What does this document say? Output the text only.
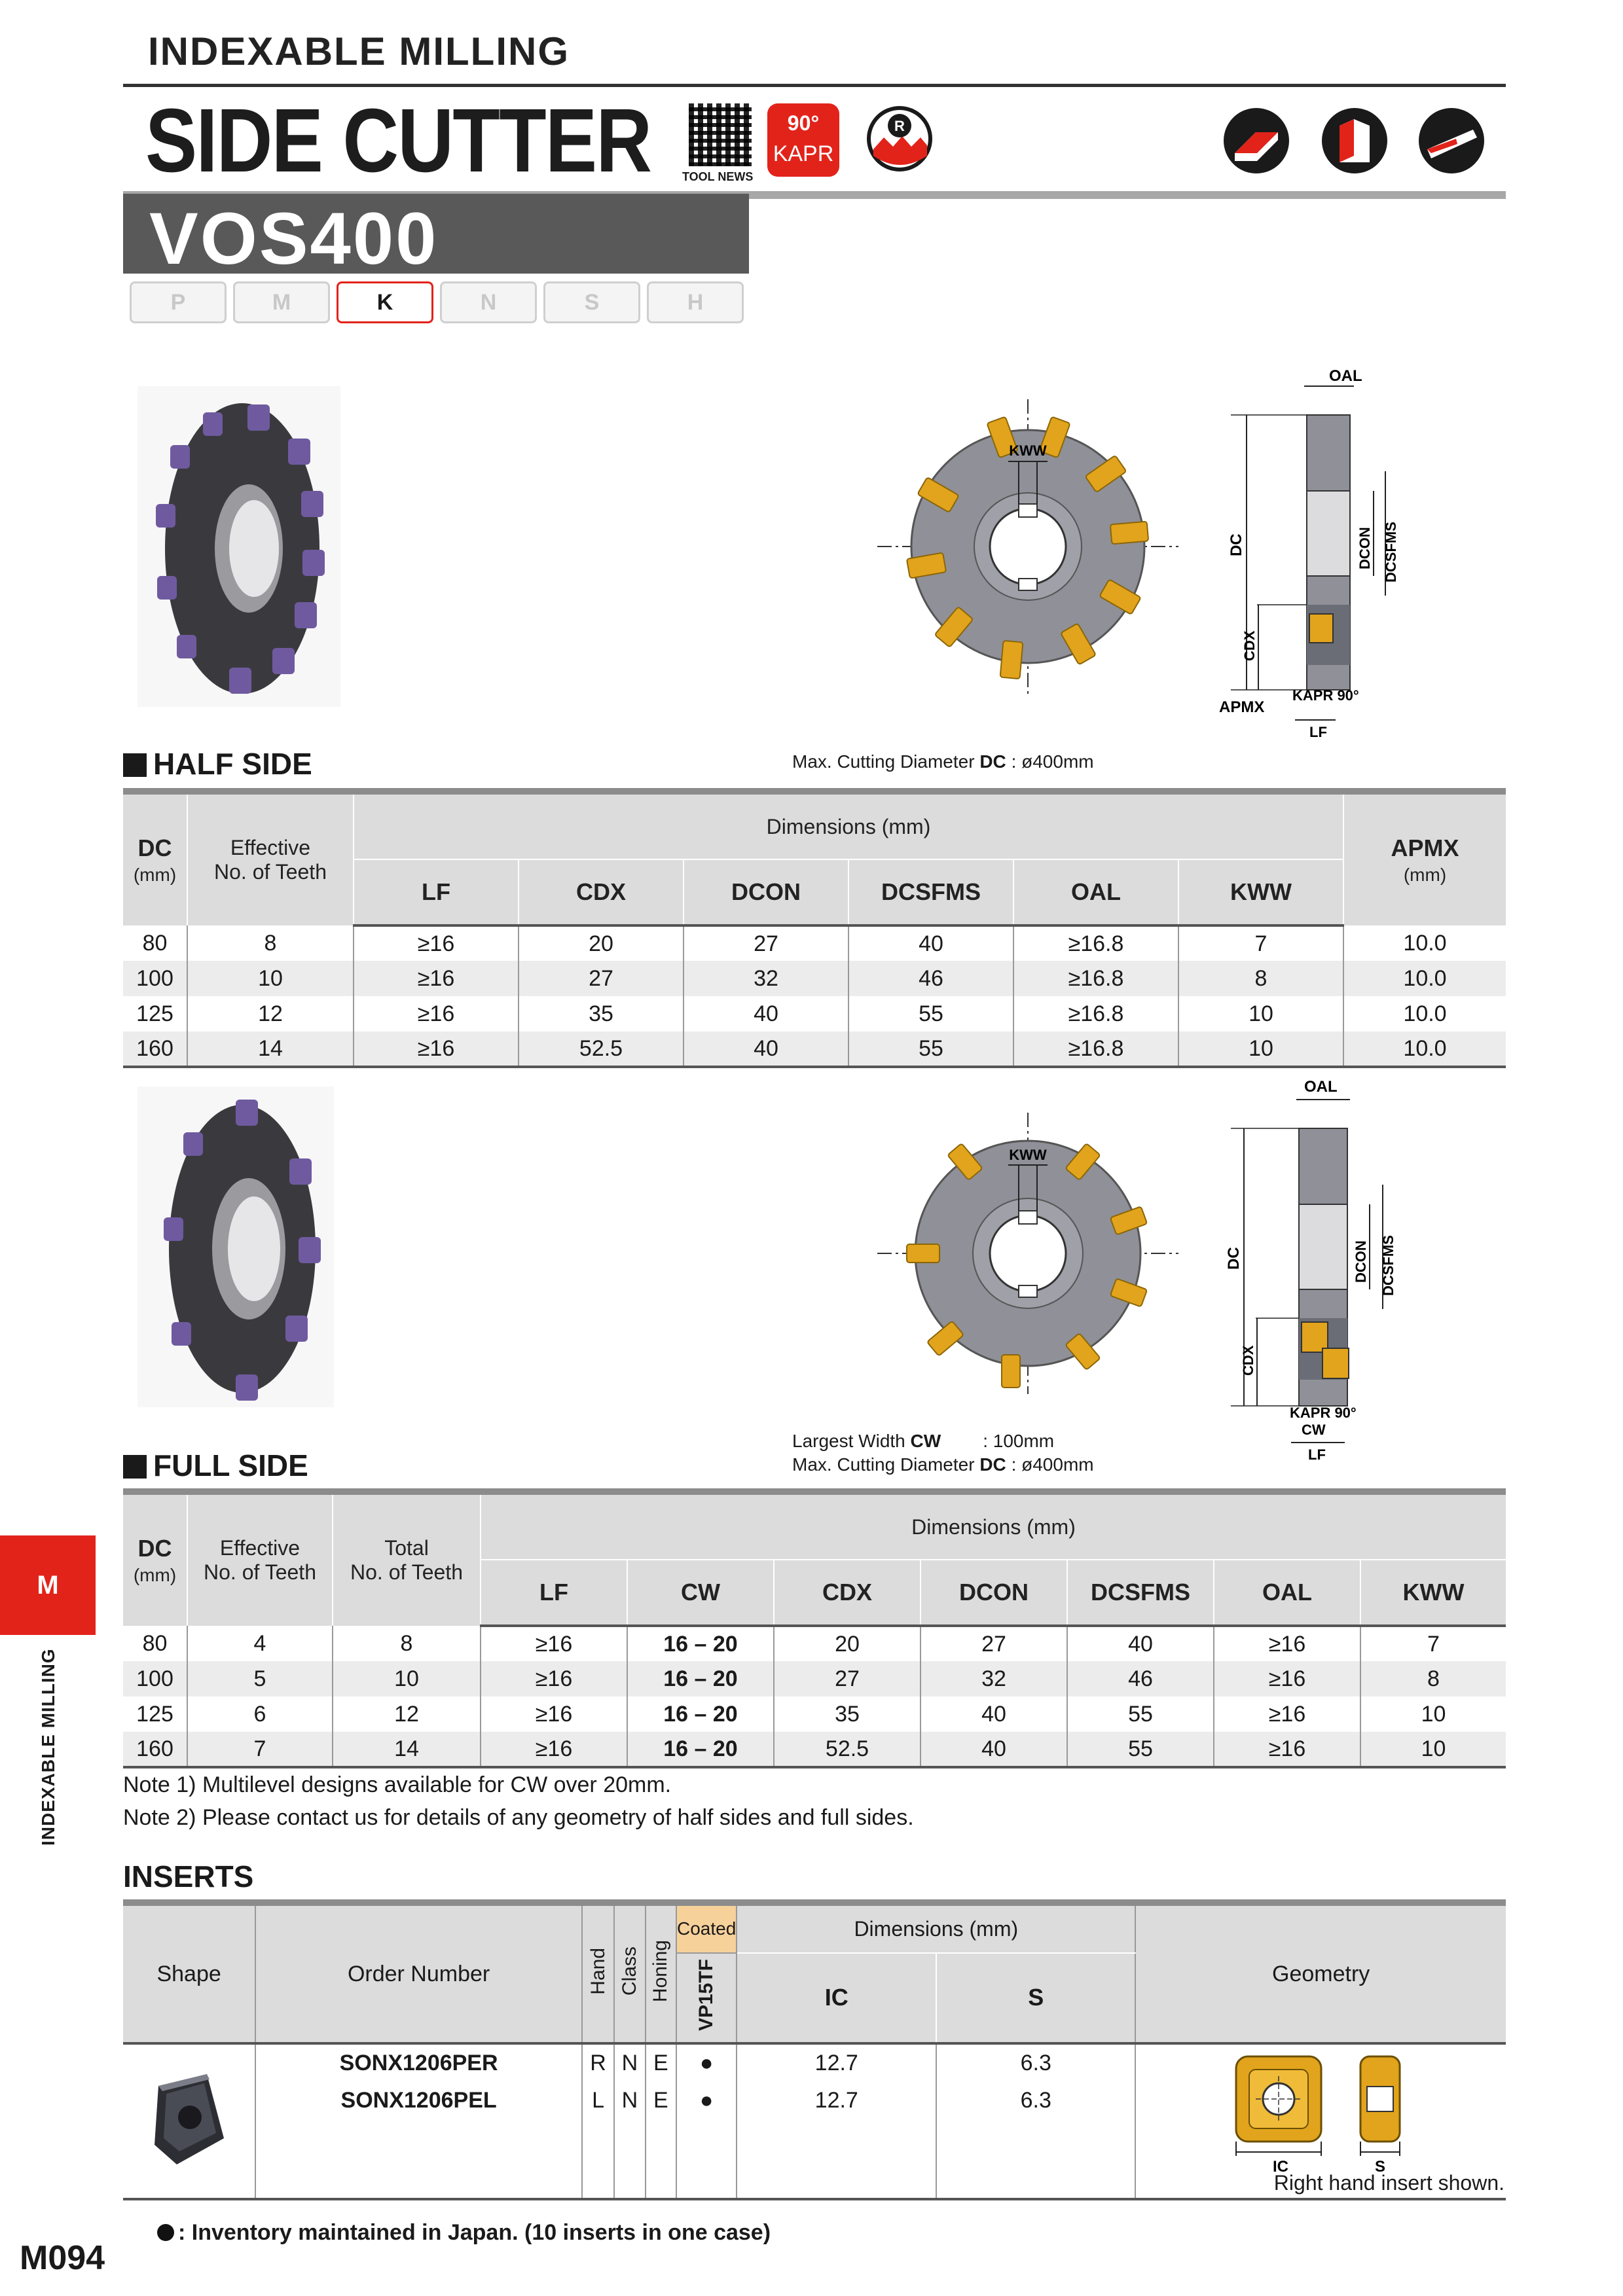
INDEXABLE MILLING
SIDE CUTTER	TOOL NEWS
90°
KAPR
R
VOS400
P	M	K	N	S	H
KWW
OAL
DC	DCON DCSFMS
CDX
APMX
KAPR 90°
LF
HALF SIDE	Max. Cutting Diameter DC : ø400mm
DC
(mm)	Effective
No. of Teeth	Dimensions (mm)						APMX
(mm)
		LF	CDX	DCON	DCSFMS	OAL	KWW	
80	8	≥16	20	27	40	≥16.8	7	10.0
100	10	≥16	27	32	46	≥16.8	8	10.0
125	12	≥16	35	40	55	≥16.8	10	10.0
160	14	≥16	52.5	40	55	≥16.8	10	10.0
KWW
OAL
DC	DCON DCSFMS
CDX
KAPR 90°
CW
LF
FULL SIDE
Largest Width CW : 100mm
Max. Cutting Diameter DC : ø400mm
DC
(mm)	Effective
No. of Teeth	Total
No. of Teeth	Dimensions (mm)						
			LF	CW	CDX	DCON	DCSFMS	OAL	KWW
80	4	8	≥16	16 – 20	20	27	40	≥16	7
100	5	10	≥16	16 – 20	27	32	46	≥16	8
125	6	12	≥16	16 – 20	35	40	55	≥16	10
160	7	14	≥16	16 – 20	52.5	40	55	≥16	10
Note 1) Multilevel designs available for CW over 20mm.
Note 2) Please contact us for details of any geometry of half sides and full sides.
INSERTS
Shape	Order Number	Hand	Class	Honing	Coated	Dimensions (mm)		Geometry
					VP15TF	IC	S	
	SONX1206PER	R	N	E	●	12.7	6.3	IC S
Right hand insert shown.

	SONX1206PEL	L	N	E	●	12.7	6.3	

M
INDEXABLE MILLING
: Inventory maintained in Japan. (10 inserts in one case)
M094
